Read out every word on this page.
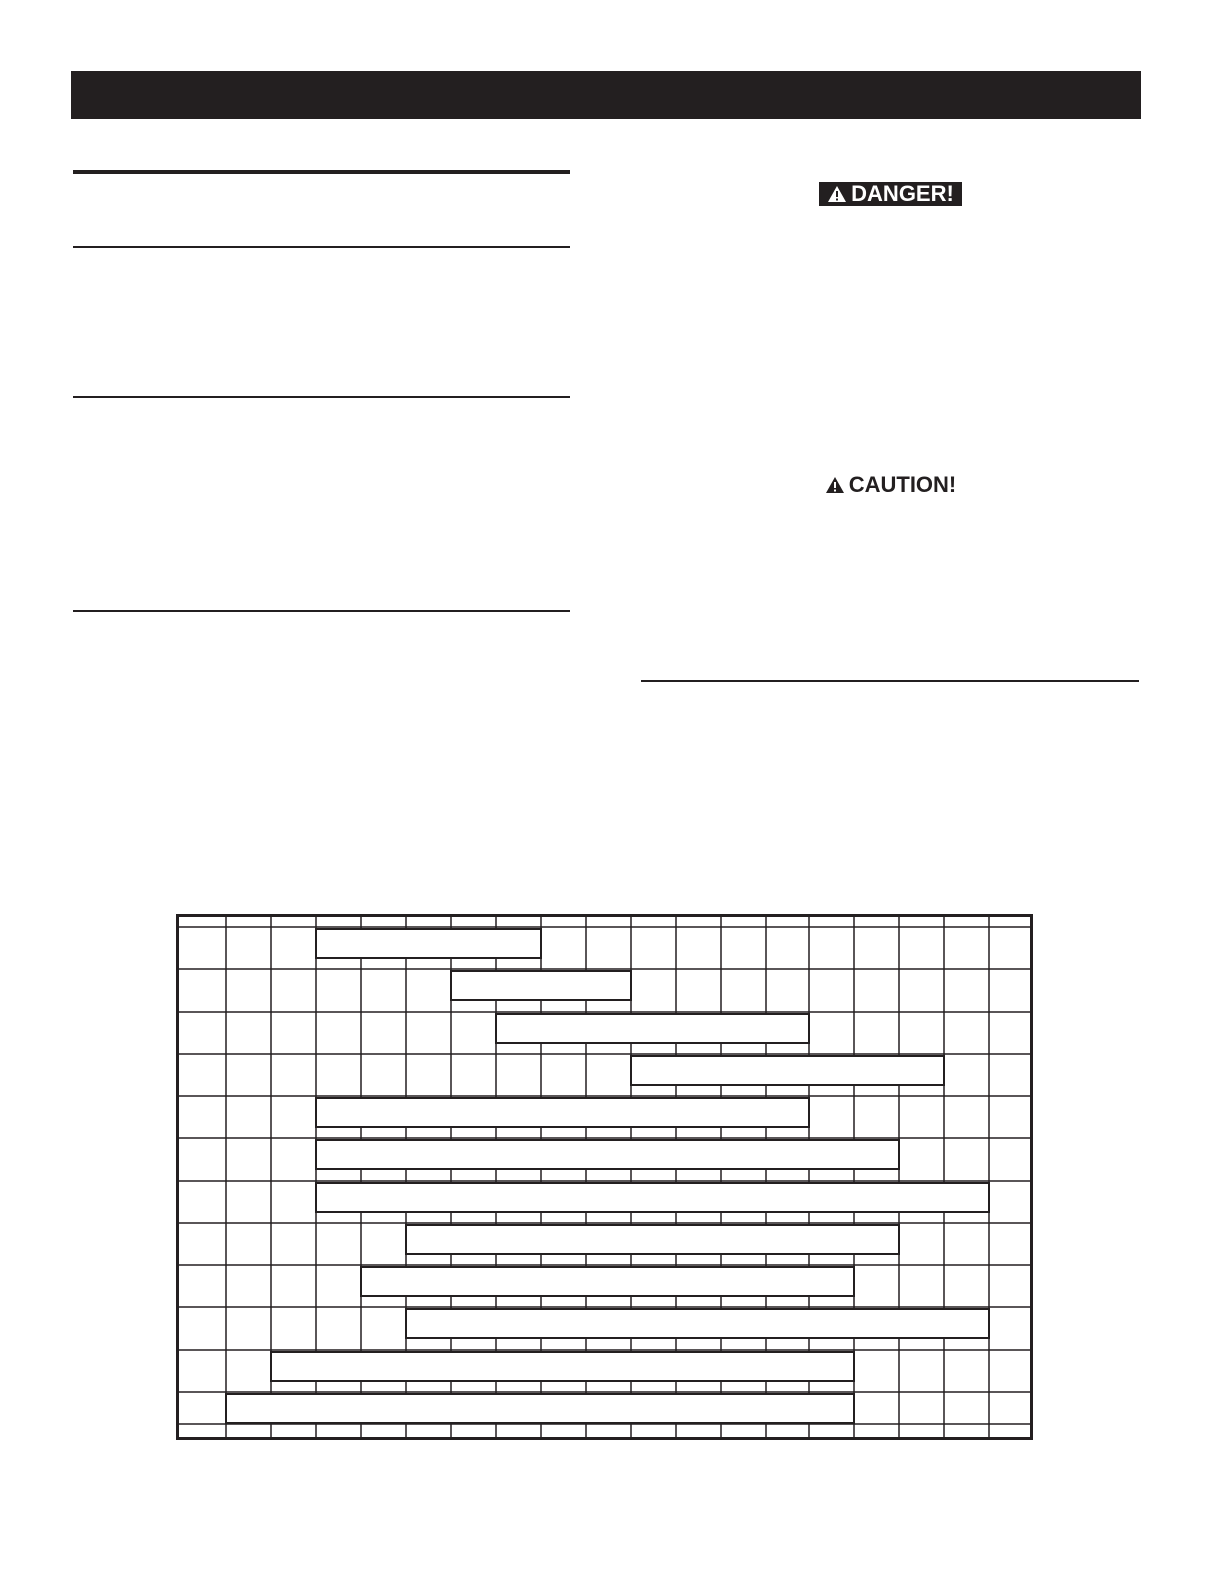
DANGER!
CAUTION!
